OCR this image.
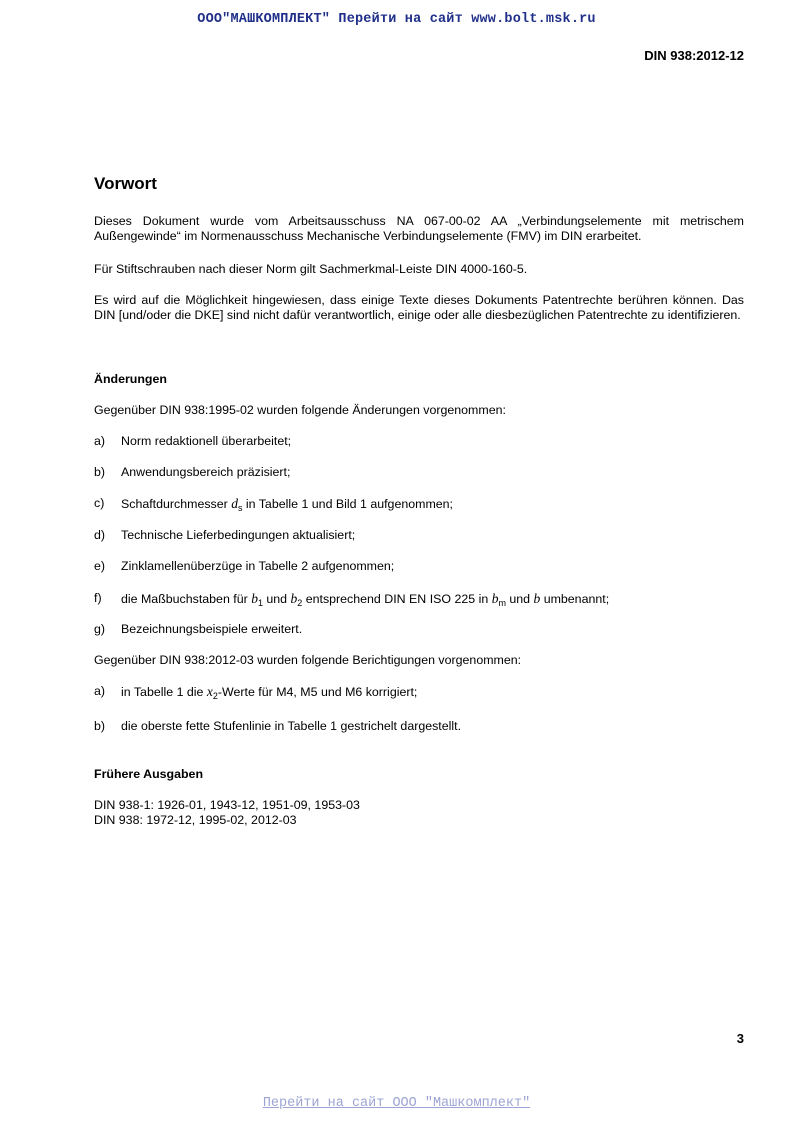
ООО"МАШКОМПЛЕКТ" Перейти на сайт www.bolt.msk.ru
DIN 938:2012-12
Vorwort

Dieses Dokument wurde vom Arbeitsausschuss NA 067-00-02 AA „Verbindungselemente mit metrischem Außengewinde“ im Normenausschuss Mechanische Verbindungselemente (FMV) im DIN erarbeitet.

Für Stiftschrauben nach dieser Norm gilt Sachmerkmal-Leiste DIN 4000-160-5.

Es wird auf die Möglichkeit hingewiesen, dass einige Texte dieses Dokuments Patentrechte berühren können. Das DIN [und/oder die DKE] sind nicht dafür verantwortlich, einige oder alle diesbezüglichen Patentrechte zu identifizieren.

Änderungen

Gegenüber DIN 938:1995-02 wurden folgende Änderungen vorgenommen:

a)	Norm redaktionell überarbeitet;
b)	Anwendungsbereich präzisiert;
c)	Schaftdurchmesser $d_s$ in Tabelle 1 und Bild 1 aufgenommen;
d)	Technische Lieferbedingungen aktualisiert;
e)	Zinklamellenüberzüge in Tabelle 2 aufgenommen;
f)	die Maßbuchstaben für $b_1$ und $b_2$ entsprechend DIN EN ISO 225 in $b_m$ und b umbenannt;
g)	Bezeichnungsbeispiele erweitert.

Gegenüber DIN 938:2012-03 wurden folgende Berichtigungen vorgenommen:

a)	in Tabelle 1 die $x_2$-Werte für M4, M5 und M6 korrigiert;
b)	die oberste fette Stufenlinie in Tabelle 1 gestrichelt dargestellt.
Frühere Ausgaben

DIN 938-1: 1926-01, 1943-12, 1951-09, 1953-03

DIN 938: 1972-12, 1995-02, 2012-03

3
Перейти на сайт ООО "Машкомплект"
